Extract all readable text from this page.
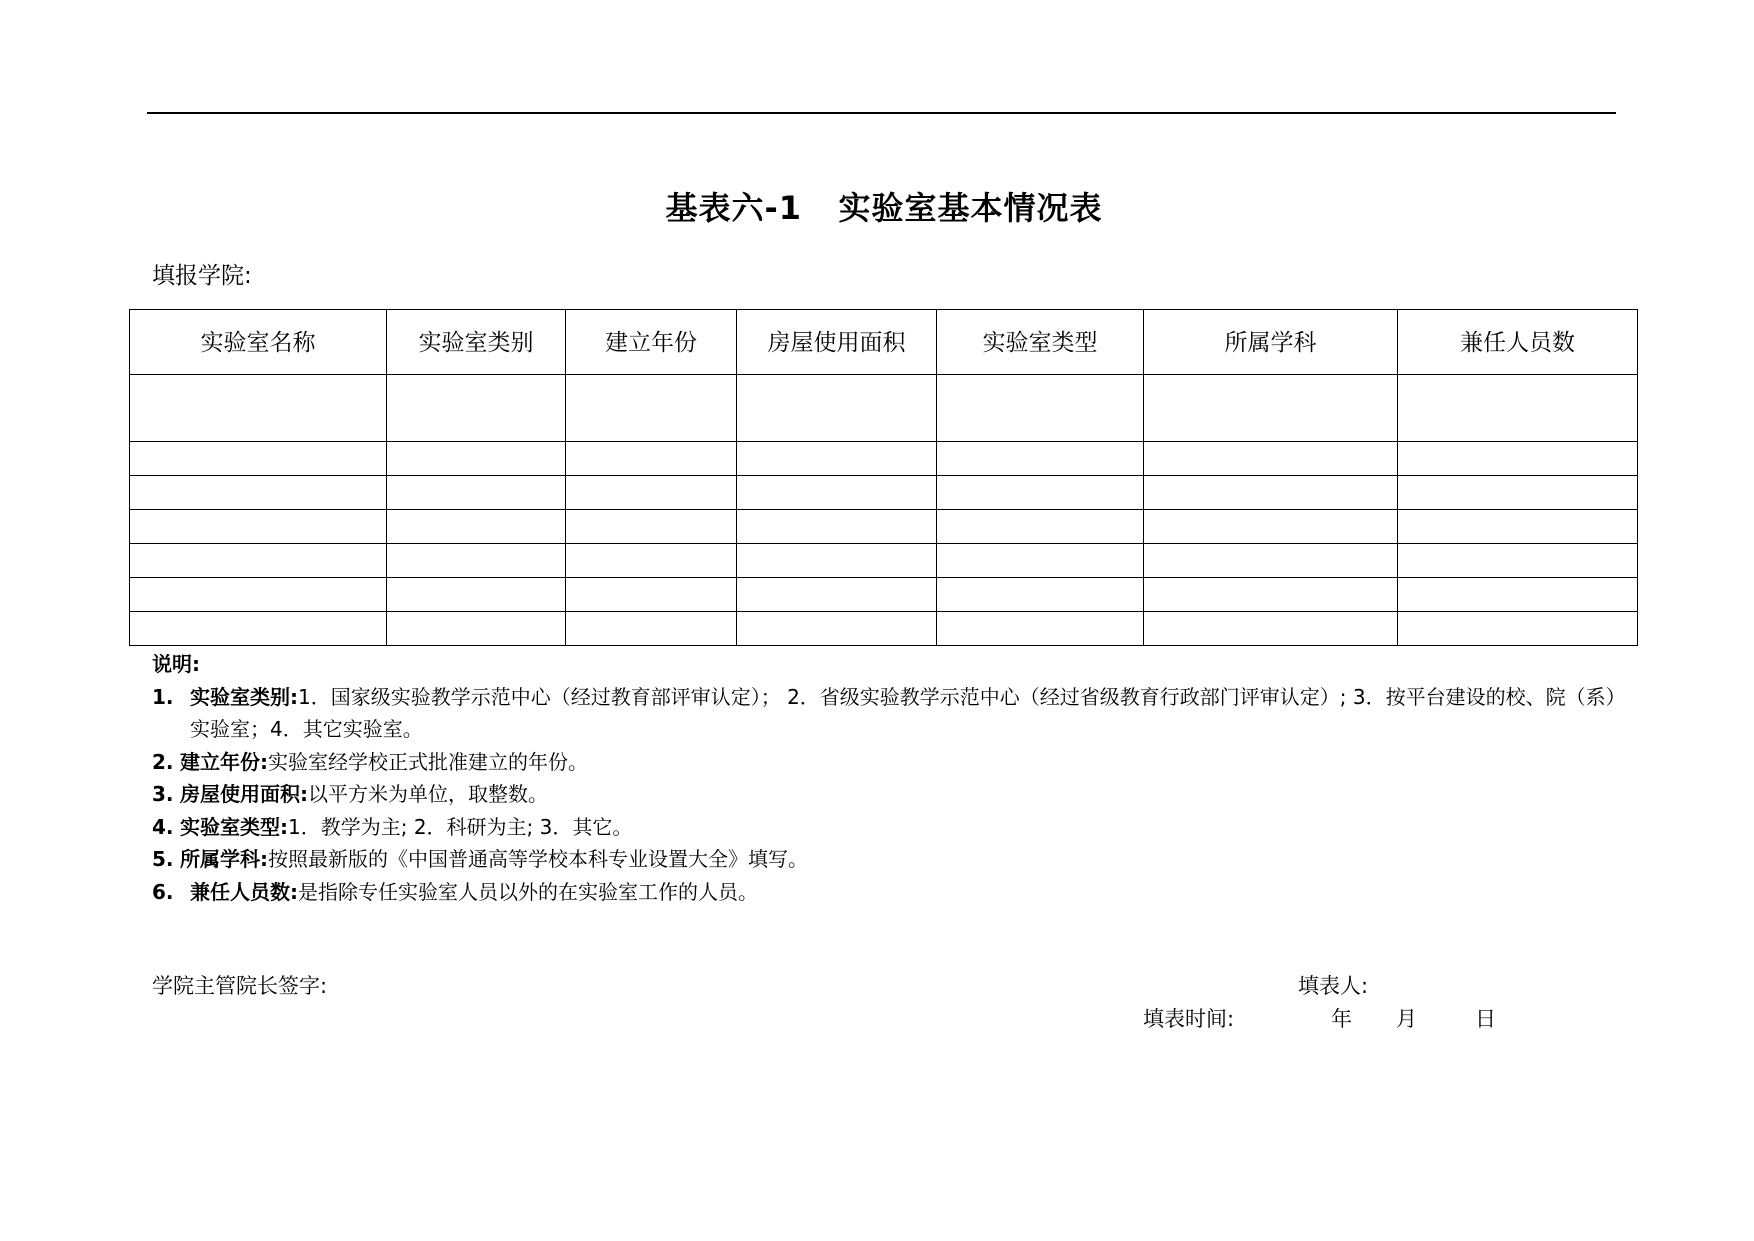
基表六-1   实验室基本情况表
填报学院:
实验室名称	实验室类别	建立年份	房屋使用面积	实验室类型	所属学科	兼任人员数

说明:
1. 实验室类别:1．国家级实验教学示范中心（经过教育部评审认定）； 2．省级实验教学示范中心（经过省级教育行政部门评审认定）; 3．按平台建设的校、院（系）实验室；4．其它实验室。
2. 建立年份:实验室经学校正式批准建立的年份。
3. 房屋使用面积:以平方米为单位，取整数。
4. 实验室类型:1．教学为主; 2．科研为主; 3．其它。
5. 所属学科:按照最新版的《中国普通高等学校本科专业设置大全》填写。
6. 兼任人员数:是指除专任实验室人员以外的在实验室工作的人员。
学院主管院长签字:	填表人:
填表时间:	年 月	日
